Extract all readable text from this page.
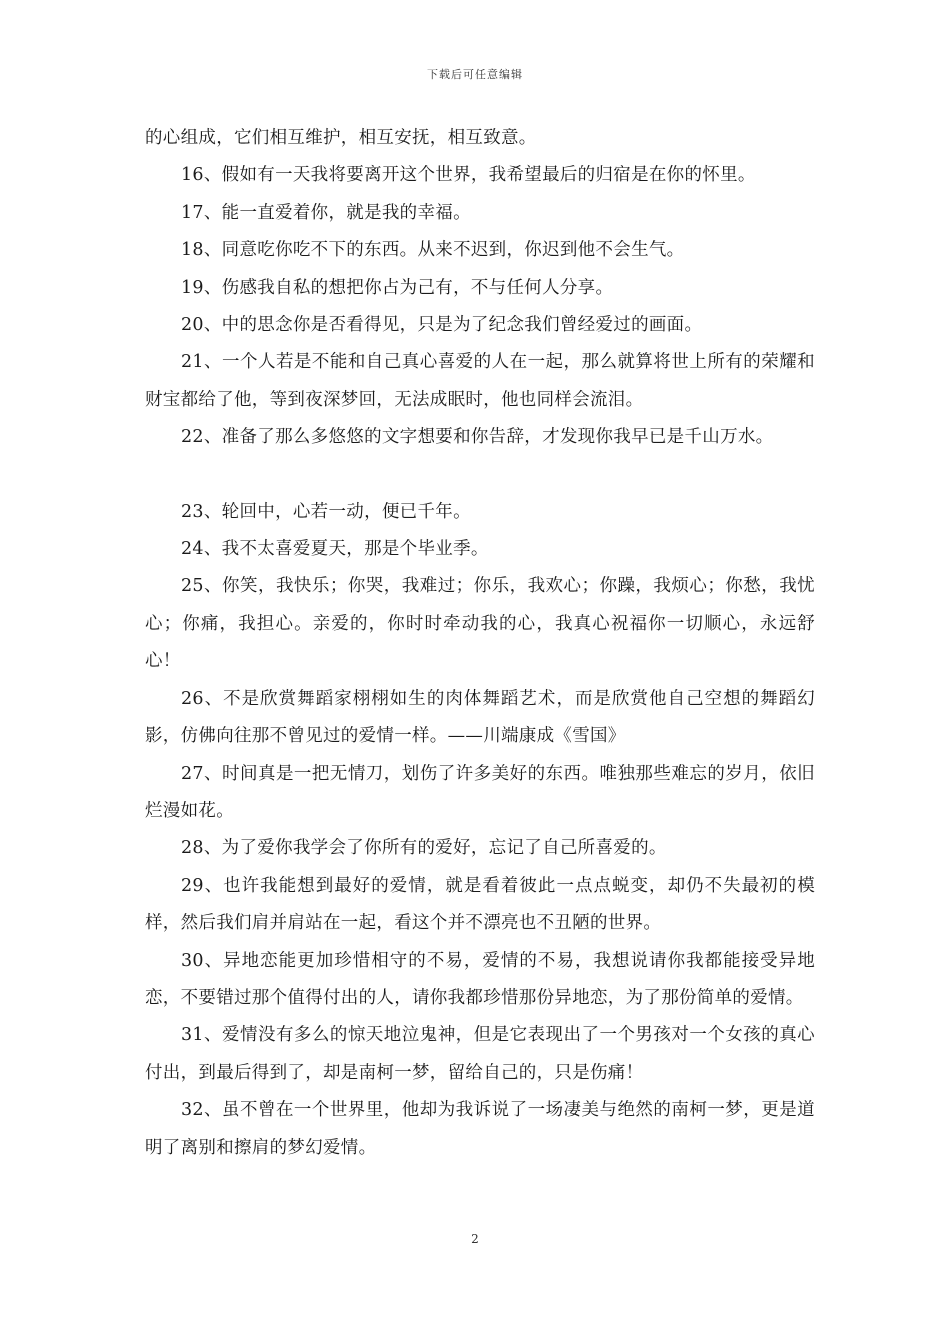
下载后可任意编辑

的心组成，它们相互维护，相互安抚，相互致意。

16、假如有一天我将要离开这个世界，我希望最后的归宿是在你的怀里。

17、能一直爱着你，就是我的幸福。

18、同意吃你吃不下的东西。从来不迟到，你迟到他不会生气。

19、伤感我自私的想把你占为己有，不与任何人分享。

20、中的思念你是否看得见，只是为了纪念我们曾经爱过的画面。

21、一个人若是不能和自己真心喜爱的人在一起，那么就算将世上所有的荣耀和财宝都给了他，等到夜深梦回，无法成眠时，他也同样会流泪。

22、准备了那么多悠悠的文字想要和你告辞，才发现你我早已是千山万水。

23、轮回中，心若一动，便已千年。

24、我不太喜爱夏天，那是个毕业季。

25、你笑，我快乐；你哭，我难过；你乐，我欢心；你躁，我烦心；你愁，我忧心；你痛，我担心。亲爱的，你时时牵动我的心，我真心祝福你一切顺心，永远舒心！

26、不是欣赏舞蹈家栩栩如生的肉体舞蹈艺术，而是欣赏他自己空想的舞蹈幻影，仿佛向往那不曾见过的爱情一样。——川端康成《雪国》

27、时间真是一把无情刀，划伤了许多美好的东西。唯独那些难忘的岁月，依旧烂漫如花。

28、为了爱你我学会了你所有的爱好，忘记了自己所喜爱的。

29、也许我能想到最好的爱情，就是看着彼此一点点蜕变，却仍不失最初的模样，然后我们肩并肩站在一起，看这个并不漂亮也不丑陋的世界。

30、异地恋能更加珍惜相守的不易，爱情的不易，我想说请你我都能接受异地恋，不要错过那个值得付出的人，请你我都珍惜那份异地恋，为了那份简单的爱情。

31、爱情没有多么的惊天地泣鬼神，但是它表现出了一个男孩对一个女孩的真心付出，到最后得到了，却是南柯一梦，留给自己的，只是伤痛！

32、虽不曾在一个世界里，他却为我诉说了一场凄美与绝然的南柯一梦，更是道明了离别和擦肩的梦幻爱情。

2
